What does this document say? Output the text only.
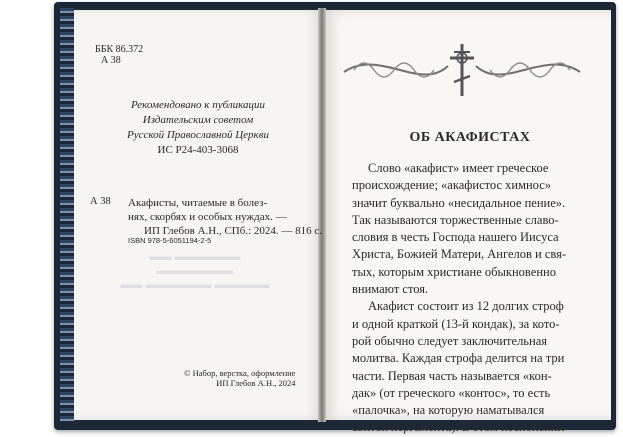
▬▬ ▬▬▬▬▬▬
▬▬▬▬▬▬▬
▬▬ ▬▬▬▬▬▬ ▬▬▬▬▬
ББК 86.372
А 38
Рекомендовано к публикации
Издательским советом
Русской Православной Церкви
ИС Р24-403-3068
А 38 Акафисты, читаемые в болез-
нях, скорбях и особых нуждах. —
ИП Глебов А.Н., СПб.: 2024. — 816 с.
ISBN 978-5-6051194-2-5
© Набор, верстка, оформление
ИП Глебов А.Н., 2024
ОБ АКАФИСТАХ
Слово «акафист» имеет греческое
происхождение; «акафистос химнос»
значит буквально «несидальное пение».
Так называются торжественные славо-
словия в честь Господа нашего Иисуса
Христа, Божией Матери, Ангелов и свя-
тых, которым христиане обыкновенно
внимают стоя.
Акафист состоит из 12 долгих строф
и одной краткой (13-й кондак), за кото-
рой обычно следует заключительная
молитва. Каждая строфа делится на три
части. Первая часть называется «кон-
дак» (от греческого «контос», то есть
«палочка», на которую наматывался
свиток пергамента). В этом песнопении
